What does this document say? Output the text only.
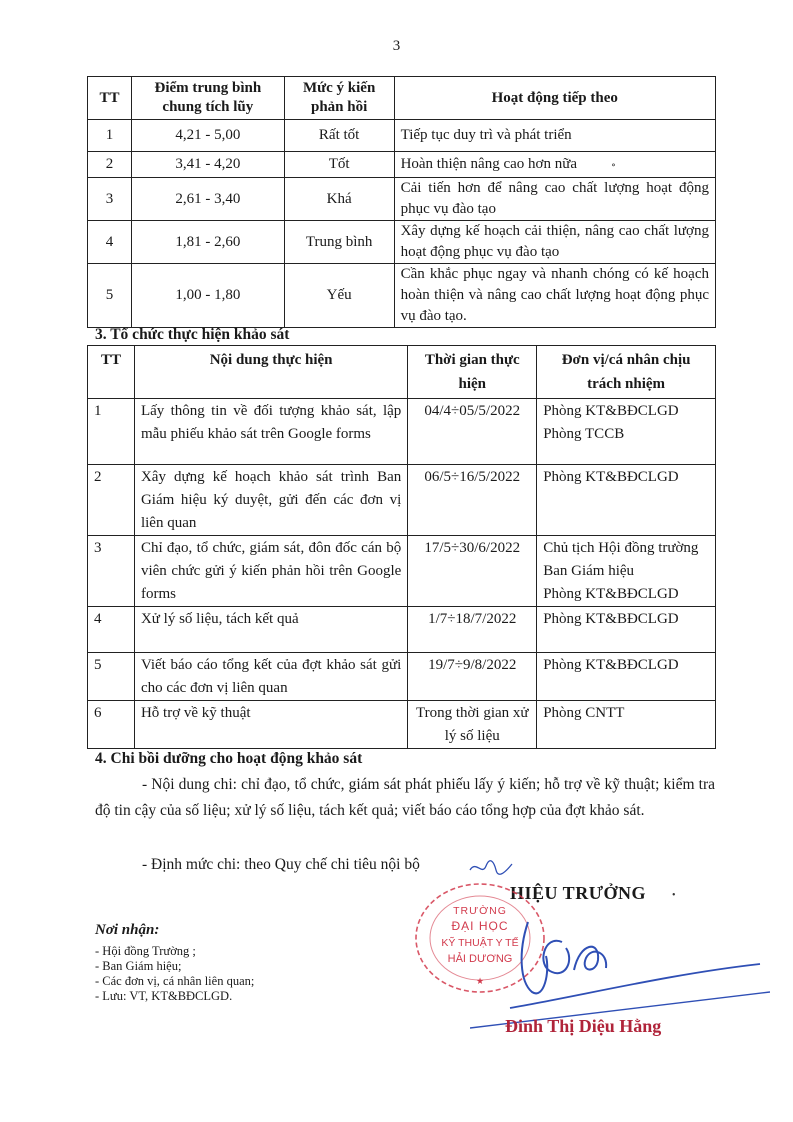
3
TT	Điểm trung bình chung tích lũy	Mức ý kiến phản hồi	Hoạt động tiếp theo
1	4,21 - 5,00	Rất tốt	Tiếp tục duy trì và phát triển
2	3,41 - 4,20	Tốt	Hoàn thiện nâng cao hơn nữa ∘
3	2,61 - 3,40	Khá	Cải tiến hơn để nâng cao chất lượng hoạt động phục vụ đào tạo
4	1,81 - 2,60	Trung bình	Xây dựng kế hoạch cải thiện, nâng cao chất lượng hoạt động phục vụ đào tạo
5	1,00 - 1,80	Yếu	Cần khắc phục ngay và nhanh chóng có kế hoạch hoàn thiện và nâng cao chất lượng hoạt động phục vụ đào tạo.
3. Tổ chức thực hiện khảo sát
TT	Nội dung thực hiện	Thời gian thực hiện	Đơn vị/cá nhân chịu trách nhiệm
1	Lấy thông tin về đối tượng khảo sát, lập mẫu phiếu khảo sát trên Google forms	04/4÷05/5/2022	Phòng KT&BĐCLGD
Phòng TCCB

2	Xây dựng kế hoạch khảo sát trình Ban Giám hiệu ký duyệt, gửi đến các đơn vị liên quan	06/5÷16/5/2022	Phòng KT&BĐCLGD

3	Chỉ đạo, tổ chức, giám sát, đôn đốc cán bộ viên chức gửi ý kiến phản hồi trên Google forms	17/5÷30/6/2022	Chủ tịch Hội đồng trường
Ban Giám hiệu
Phòng KT&BĐCLGD

4	Xử lý số liệu, tách kết quả	1/7÷18/7/2022	Phòng KT&BĐCLGD

5	Viết báo cáo tổng kết của đợt khảo sát gửi cho các đơn vị liên quan	19/7÷9/8/2022	Phòng KT&BĐCLGD

6	Hỗ trợ về kỹ thuật	Trong thời gian xử lý số liệu	Phòng CNTT
4. Chi bồi dưỡng cho hoạt động khảo sát
- Nội dung chi: chỉ đạo, tổ chức, giám sát phát phiếu lấy ý kiến; hỗ trợ về kỹ thuật; kiểm tra độ tin cậy của số liệu; xử lý số liệu, tách kết quả; viết báo cáo tổng hợp của đợt khảo sát.
- Định mức chi: theo Quy chế chi tiêu nội bộ
Nơi nhận:
- Hội đồng Trường ;
- Ban Giám hiệu;
- Các đơn vị, cá nhân liên quan;
- Lưu: VT, KT&BĐCLGD.
HIỆU TRƯỞNG	•
TRƯỜNG
ĐẠI HỌC
KỸ THUẬT Y TẾ
HẢI DƯƠNG
★
Đinh Thị Diệu Hằng
